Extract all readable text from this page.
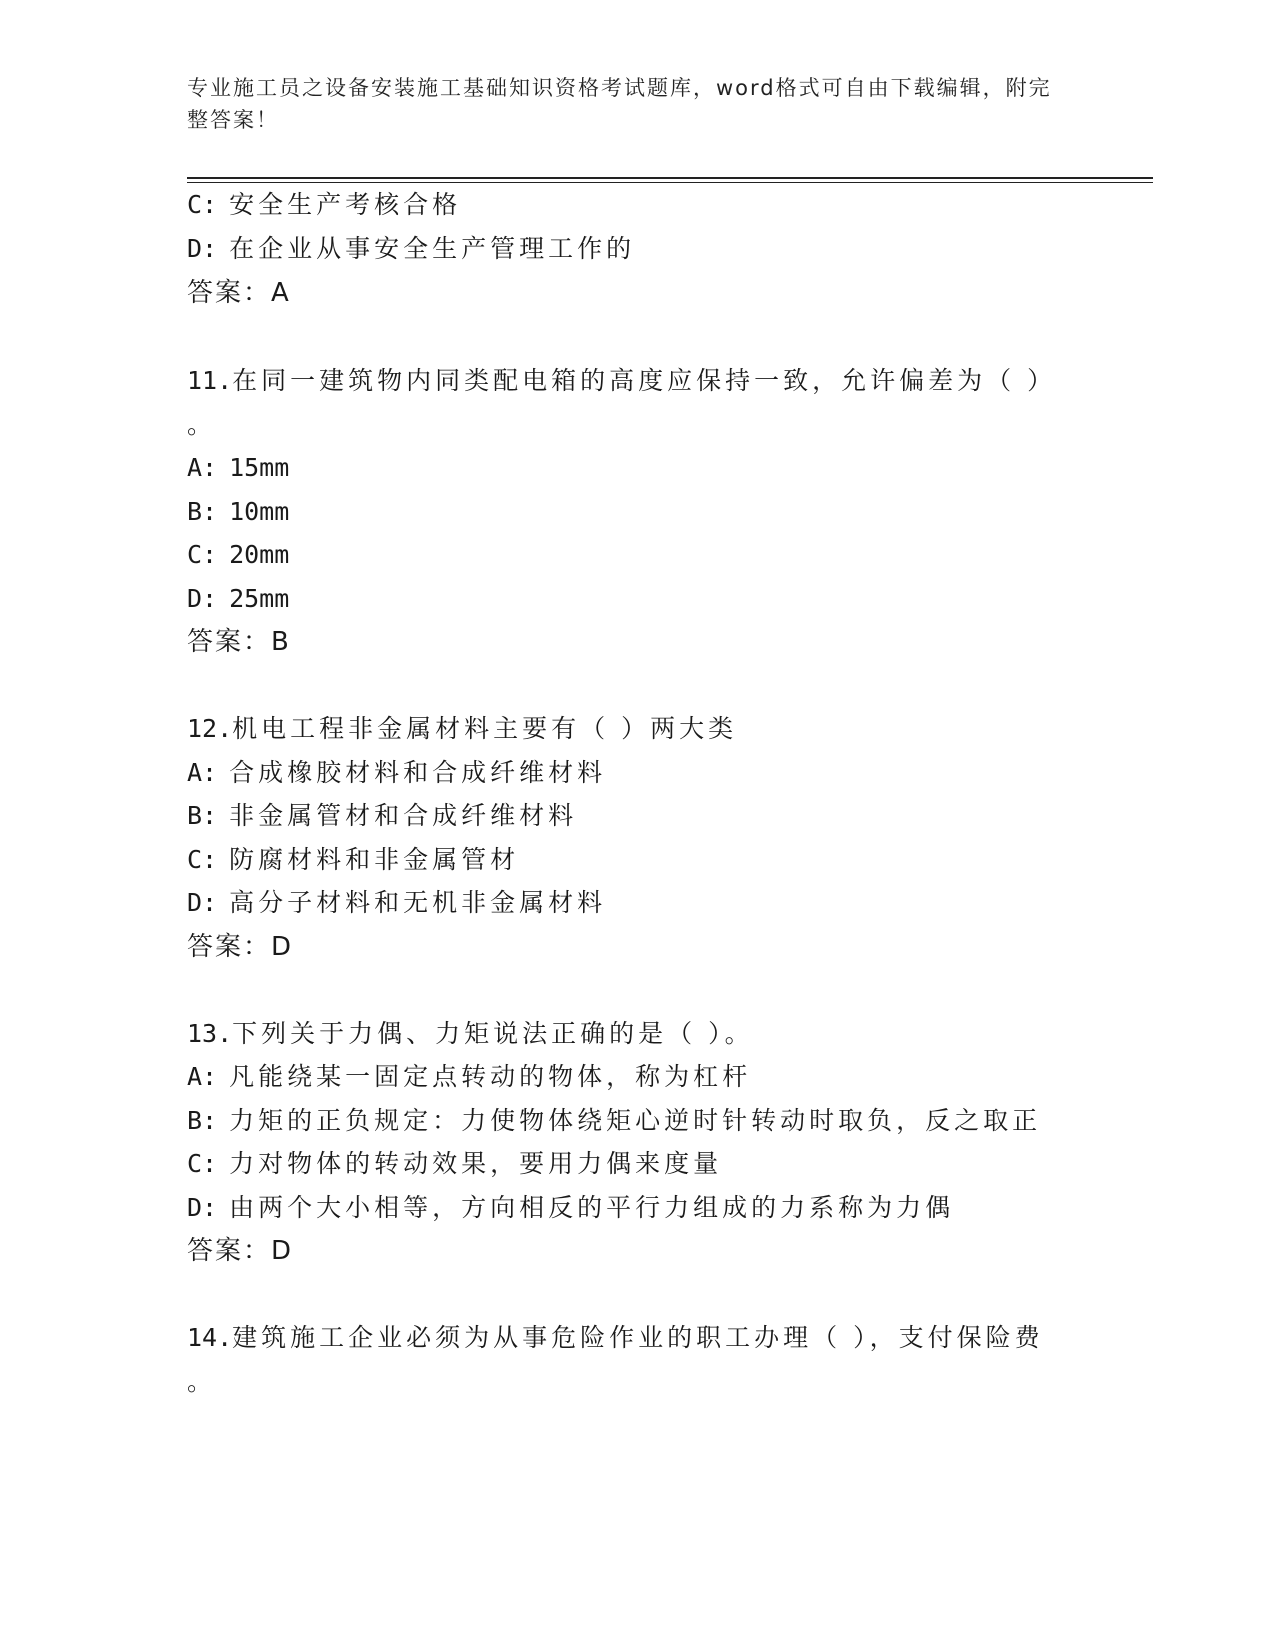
专业施工员之设备安装施工基础知识资格考试题库，word格式可自由下载编辑，附完整答案！
C: 安全生产考核合格
D: 在企业从事安全生产管理工作的
答案：A
11.在同一建筑物内同类配电箱的高度应保持一致，允许偏差为（ ）
。
A: 15mm
B: 10mm
C: 20mm
D: 25mm
答案：B
12.机电工程非金属材料主要有（ ）两大类
A: 合成橡胶材料和合成纤维材料
B: 非金属管材和合成纤维材料
C: 防腐材料和非金属管材
D: 高分子材料和无机非金属材料
答案：D
13.下列关于力偶、力矩说法正确的是（ ）。
A: 凡能绕某一固定点转动的物体，称为杠杆
B: 力矩的正负规定：力使物体绕矩心逆时针转动时取负，反之取正
C: 力对物体的转动效果，要用力偶来度量
D: 由两个大小相等，方向相反的平行力组成的力系称为力偶
答案：D
14.建筑施工企业必须为从事危险作业的职工办理（ ），支付保险费
。
